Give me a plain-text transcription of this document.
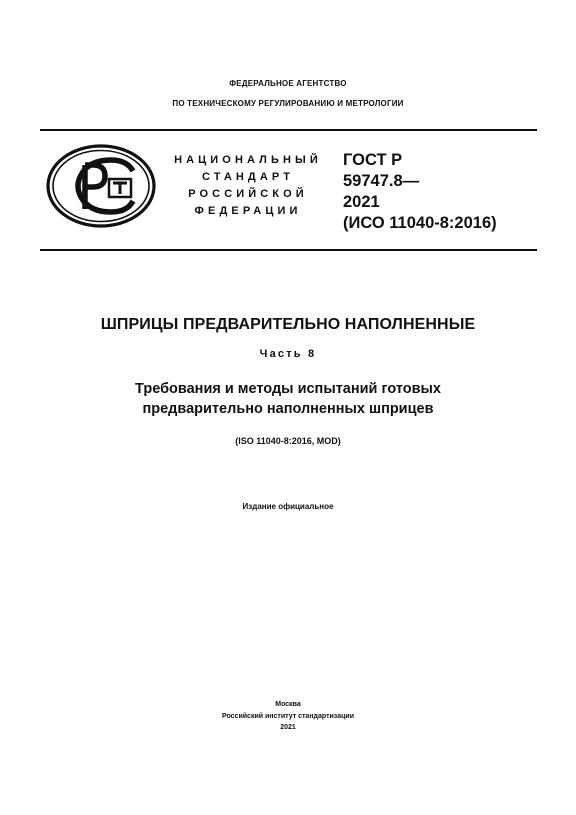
ФЕДЕРАЛЬНОЕ АГЕНТСТВО
ПО ТЕХНИЧЕСКОМУ РЕГУЛИРОВАНИЮ И МЕТРОЛОГИИ
НАЦИОНАЛЬНЫЙ
СТАНДАРТ
РОССИЙСКОЙ
ФЕДЕРАЦИИ
ГОСТ Р
59747.8—
2021
(ИСО 11040-8:2016)
ШПРИЦЫ ПРЕДВАРИТЕЛЬНО НАПОЛНЕННЫЕ
Часть 8
Требования и методы испытаний готовых
предварительно наполненных шприцев
(ISO 11040-8:2016, MOD)
Издание официальное
Москва
Российский институт стандартизации
2021
